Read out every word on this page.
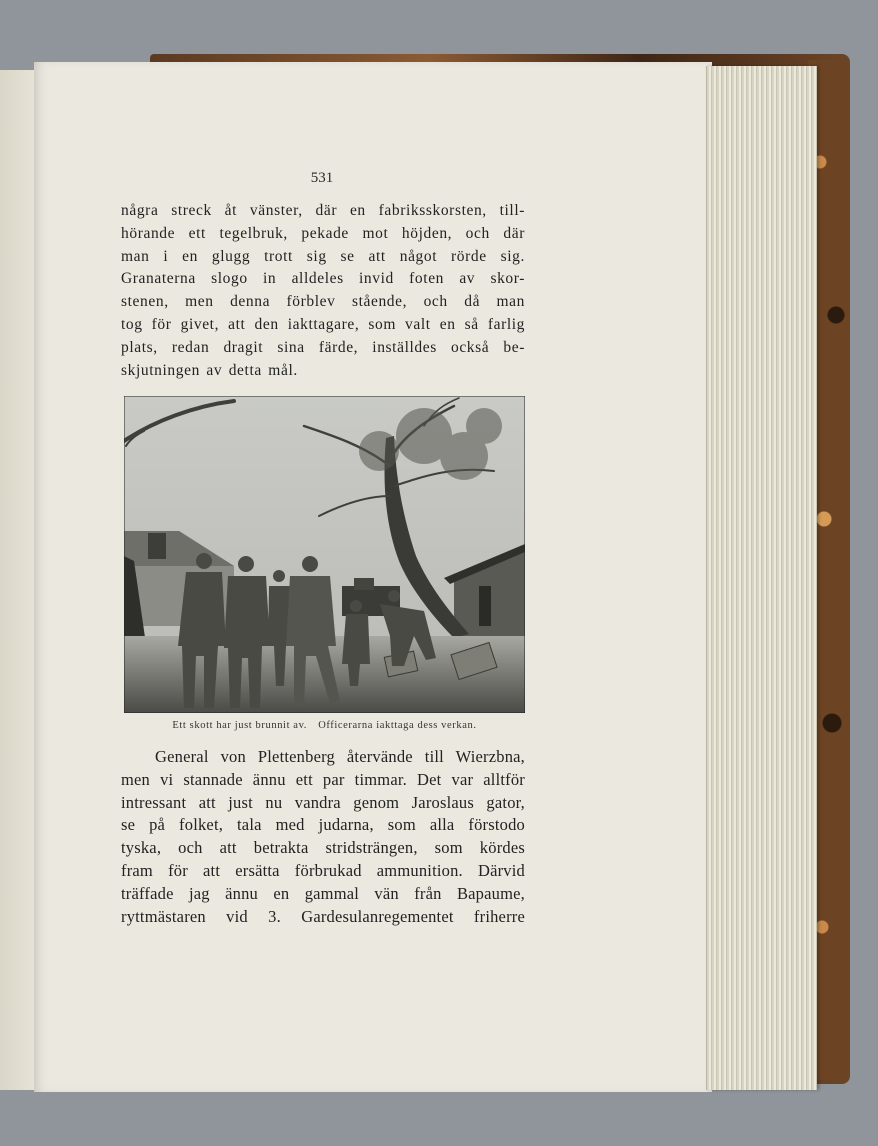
531

några streck åt vänster, där en fabriksskorsten, till-
hörande ett tegelbruk, pekade mot höjden, och där
man i en glugg trott sig se att något rörde sig.
Granaterna slogo in alldeles invid foten av skor-
stenen, men denna förblev stående, och då man
tog för givet, att den iakttagare, som valt en så farlig
plats, redan dragit sina färde, inställdes också be-
skjutningen av detta mål.

Ett skott har just brunnit av. Officerarna iakttaga dess verkan.

General von Plettenberg återvände till Wierzbna,
men vi stannade ännu ett par timmar. Det var alltför
intressant att just nu vandra genom Jaroslaus gator,
se på folket, tala med judarna, som alla förstodo
tyska, och att betrakta stridsträngen, som kördes
fram för att ersätta förbrukad ammunition. Därvid
träffade jag ännu en gammal vän från Bapaume,
ryttmästaren vid 3. Gardesulanregementet friherre
